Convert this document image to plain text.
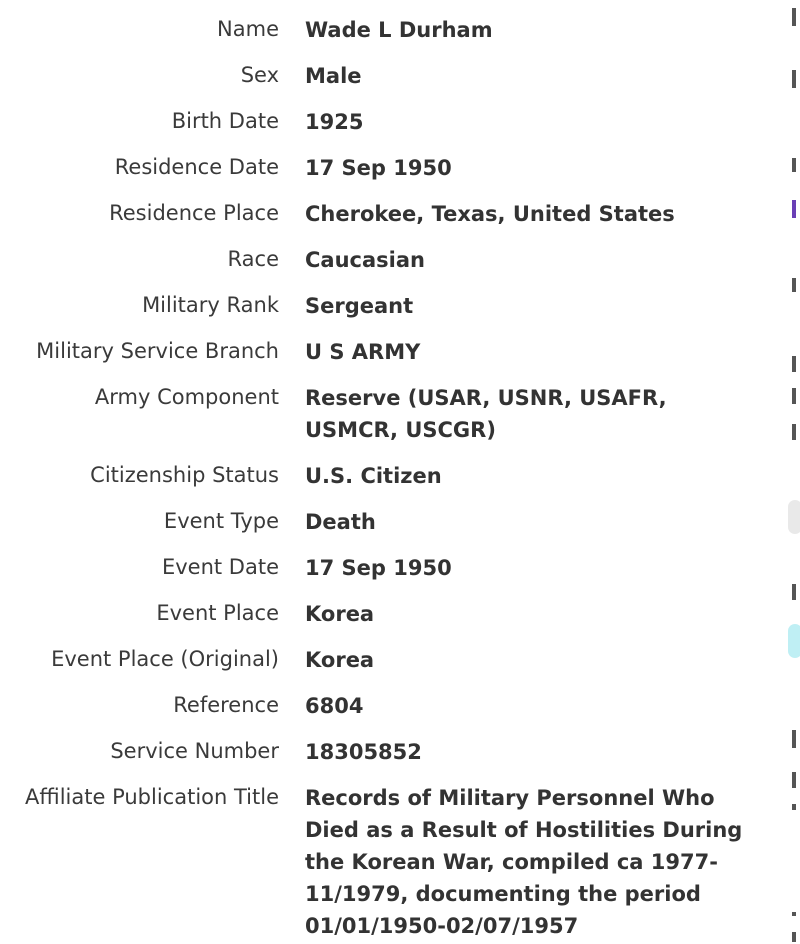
Name Wade L Durham
Sex Male
Birth Date 1925
Residence Date 17 Sep 1950
Residence Place Cherokee, Texas, United States
Race Caucasian
Military Rank Sergeant
Military Service Branch U S ARMY
Army Component Reserve (USAR, USNR, USAFR, USMCR, USCGR)
Citizenship Status U.S. Citizen
Event Type Death
Event Date 17 Sep 1950
Event Place Korea
Event Place (Original) Korea
Reference 6804
Service Number 18305852
Affiliate Publication Title Records of Military Personnel Who Died as a Result of Hostilities During the Korean War, compiled ca 1977-11/1979, documenting the period 01/01/1950-02/07/1957
